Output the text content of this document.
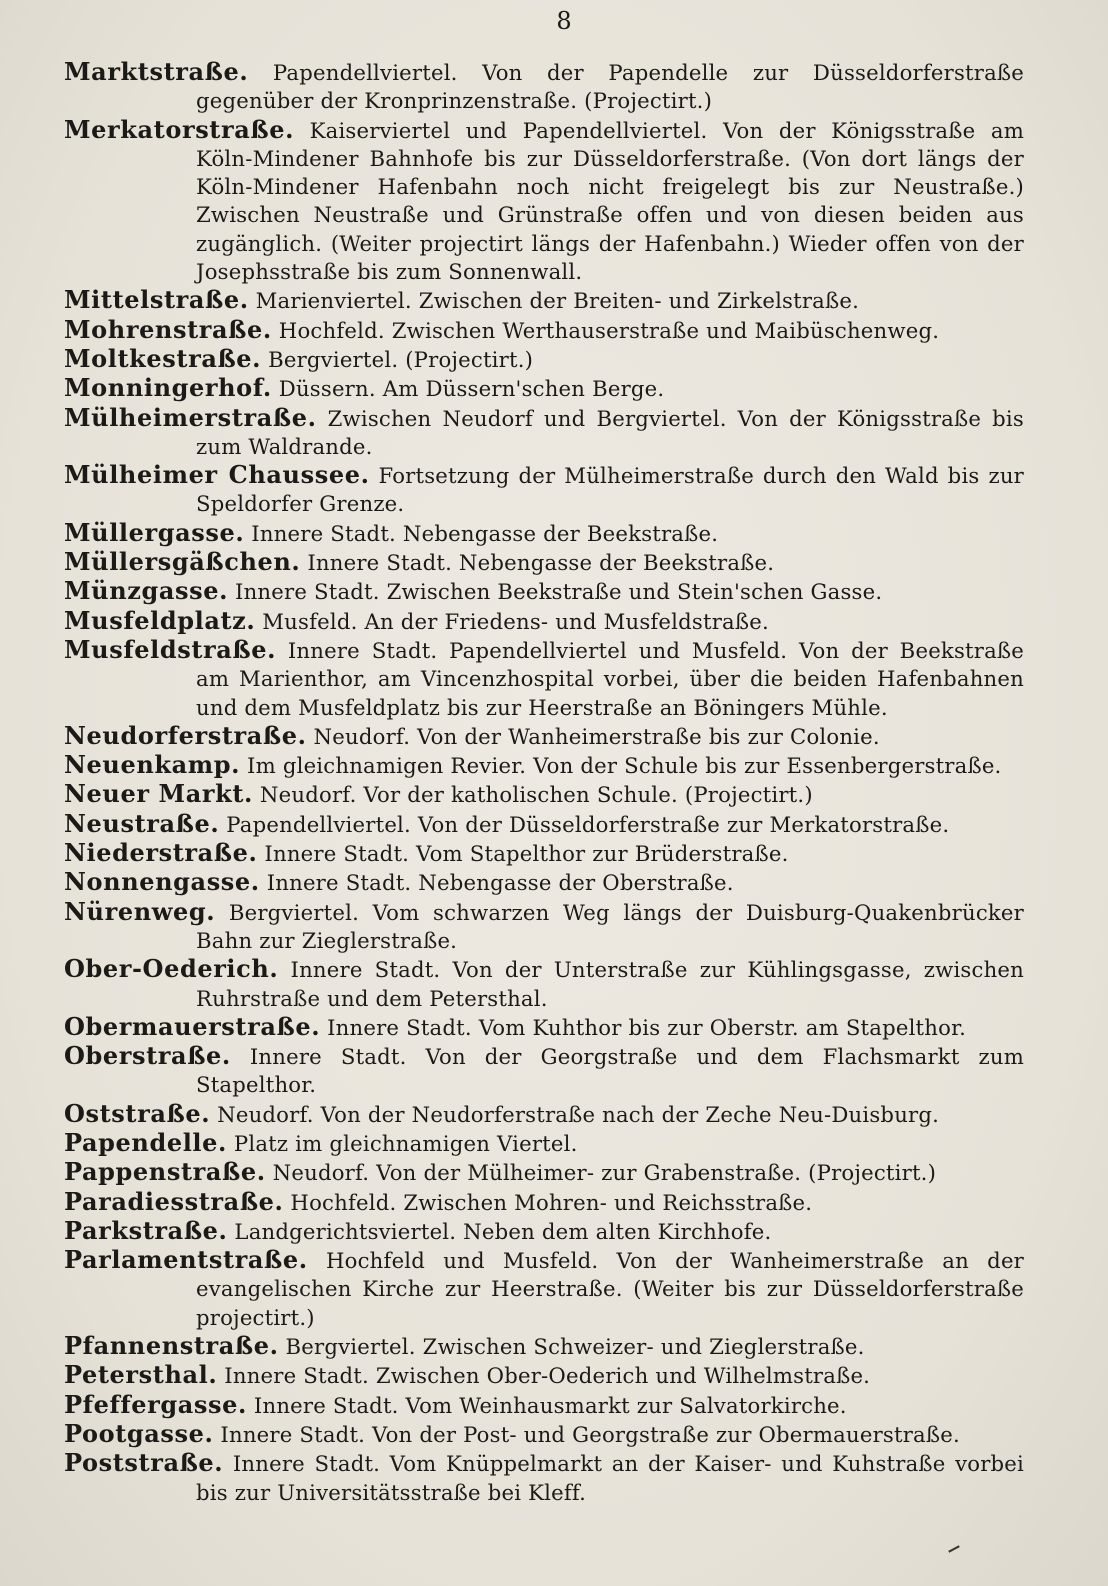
8

Marktstraße. Papendellviertel. Von der Papendelle zur Düsseldorferstraße gegenüber der Kronprinzenstraße. (Projectirt.)

Merkatorstraße. Kaiserviertel und Papendellviertel. Von der Königsstraße am Köln-Mindener Bahnhofe bis zur Düsseldorferstraße. (Von dort längs der Köln-Mindener Hafenbahn noch nicht freigelegt bis zur Neustraße.) Zwischen Neustraße und Grünstraße offen und von diesen beiden aus zugänglich. (Weiter projectirt längs der Hafenbahn.) Wieder offen von der Josephsstraße bis zum Sonnenwall.

Mittelstraße. Marienviertel. Zwischen der Breiten- und Zirkelstraße.

Mohrenstraße. Hochfeld. Zwischen Werthauserstraße und Maibüschenweg.

Moltkestraße. Bergviertel. (Projectirt.)

Monningerhof. Düssern. Am Düssern'schen Berge.

Mülheimerstraße. Zwischen Neudorf und Bergviertel. Von der Königsstraße bis zum Waldrande.

Mülheimer Chaussee. Fortsetzung der Mülheimerstraße durch den Wald bis zur Speldorfer Grenze.

Müllergasse. Innere Stadt. Nebengasse der Beekstraße.

Müllersgäßchen. Innere Stadt. Nebengasse der Beekstraße.

Münzgasse. Innere Stadt. Zwischen Beekstraße und Stein'schen Gasse.

Musfeldplatz. Musfeld. An der Friedens- und Musfeldstraße.

Musfeldstraße. Innere Stadt. Papendellviertel und Musfeld. Von der Beekstraße am Marienthor, am Vincenzhospital vorbei, über die beiden Hafenbahnen und dem Musfeldplatz bis zur Heerstraße an Böningers Mühle.

Neudorferstraße. Neudorf. Von der Wanheimerstraße bis zur Colonie.

Neuenkamp. Im gleichnamigen Revier. Von der Schule bis zur Essenbergerstraße.

Neuer Markt. Neudorf. Vor der katholischen Schule. (Projectirt.)

Neustraße. Papendellviertel. Von der Düsseldorferstraße zur Merkatorstraße.

Niederstraße. Innere Stadt. Vom Stapelthor zur Brüderstraße.

Nonnengasse. Innere Stadt. Nebengasse der Oberstraße.

Nürenweg. Bergviertel. Vom schwarzen Weg längs der Duisburg-Quakenbrücker Bahn zur Zieglerstraße.

Ober-Oederich. Innere Stadt. Von der Unterstraße zur Kühlingsgasse, zwischen Ruhrstraße und dem Petersthal.

Obermauerstraße. Innere Stadt. Vom Kuhthor bis zur Oberstr. am Stapelthor.

Oberstraße. Innere Stadt. Von der Georgstraße und dem Flachsmarkt zum Stapelthor.

Oststraße. Neudorf. Von der Neudorferstraße nach der Zeche Neu-Duisburg.

Papendelle. Platz im gleichnamigen Viertel.

Pappenstraße. Neudorf. Von der Mülheimer- zur Grabenstraße. (Projectirt.)

Paradiesstraße. Hochfeld. Zwischen Mohren- und Reichsstraße.

Parkstraße. Landgerichtsviertel. Neben dem alten Kirchhofe.

Parlamentstraße. Hochfeld und Musfeld. Von der Wanheimerstraße an der evangelischen Kirche zur Heerstraße. (Weiter bis zur Düsseldorferstraße projectirt.)

Pfannenstraße. Bergviertel. Zwischen Schweizer- und Zieglerstraße.

Petersthal. Innere Stadt. Zwischen Ober-Oederich und Wilhelmstraße.

Pfeffergasse. Innere Stadt. Vom Weinhausmarkt zur Salvatorkirche.

Pootgasse. Innere Stadt. Von der Post- und Georgstraße zur Obermauerstraße.

Poststraße. Innere Stadt. Vom Knüppelmarkt an der Kaiser- und Kuhstraße vorbei bis zur Universitätsstraße bei Kleff.
